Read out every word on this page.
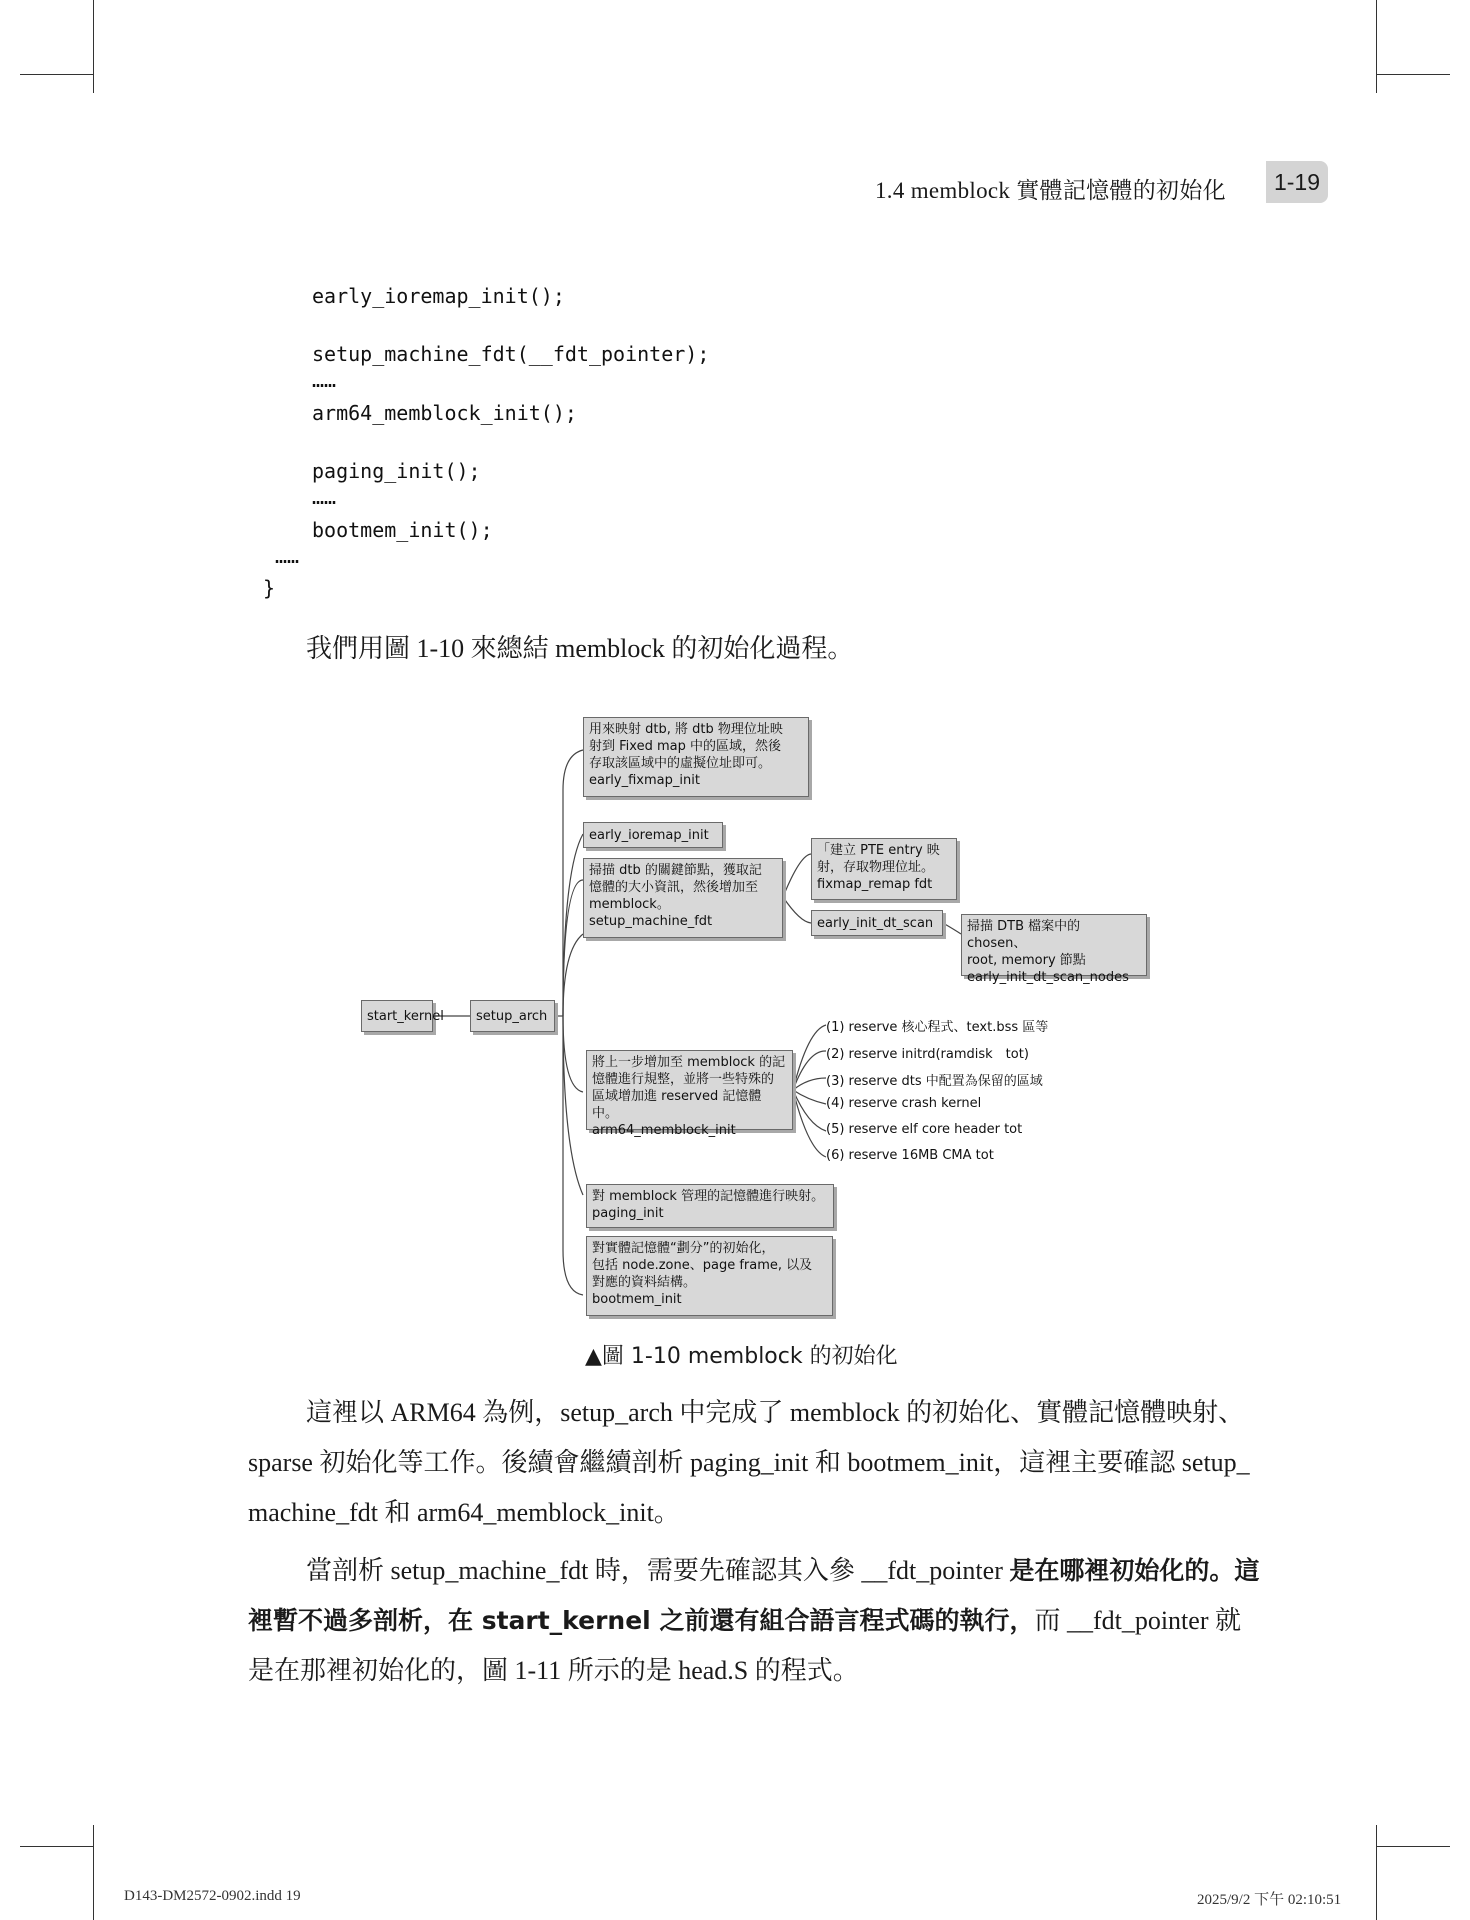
1.4 memblock 實體記憶體的初始化	1-19
early_ioremap_init();
setup_machine_fdt(__fdt_pointer);
……
arm64_memblock_init();
paging_init();
……
bootmem_init();
……
}
我們用圖 1-10 來總結 memblock 的初始化過程。
start_kernel	setup_arch
用來映射 dtb, 將 dtb 物理位址映
射到 Fixed map 中的區域，然後
存取該區域中的虛擬位址即可。
early_fixmap_init
early_ioremap_init
掃描 dtb 的關鍵節點，獲取記
憶體的大小資訊，然後增加至
memblock。
setup_machine_fdt
「建立 PTE entry 映
射，存取物理位址。
fixmap_remap fdt
early_init_dt_scan	掃描 DTB 檔案中的 chosen、
root, memory 節點
early_init_dt_scan_nodes
將上一步增加至 memblock 的記
憶體進行規整，並將一些特殊的
區域增加進 reserved 記憶體中。
arm64_memblock_init
對 memblock 管理的記憶體進行映射。
paging_init
對實體記憶體“劃分”的初始化，
包括 node.zone、page frame, 以及
對應的資料結構。
bootmem_init
(1) reserve 核心程式、text.bss 區等
(2) reserve initrd(ramdisk　tot)
(3) reserve dts 中配置為保留的區域
(4) reserve crash kernel
(5) reserve elf core header tot
(6) reserve 16MB CMA tot
▲圖 1-10 memblock 的初始化
這裡以 ARM64 為例，setup_arch 中完成了 memblock 的初始化、實體記憶體映射、sparse 初始化等工作。後續會繼續剖析 paging_init 和 bootmem_init，這裡主要確認 setup_ machine_fdt 和 arm64_memblock_init。
當剖析 setup_machine_fdt 時，需要先確認其入參 __fdt_pointer 是在哪裡初始化的。這裡暫不過多剖析，在 start_kernel 之前還有組合語言程式碼的執行，而 __fdt_pointer 就是在那裡初始化的，圖 1-11 所示的是 head.S 的程式。
D143-DM2572-0902.indd 19	2025/9/2 下午 02:10:51
